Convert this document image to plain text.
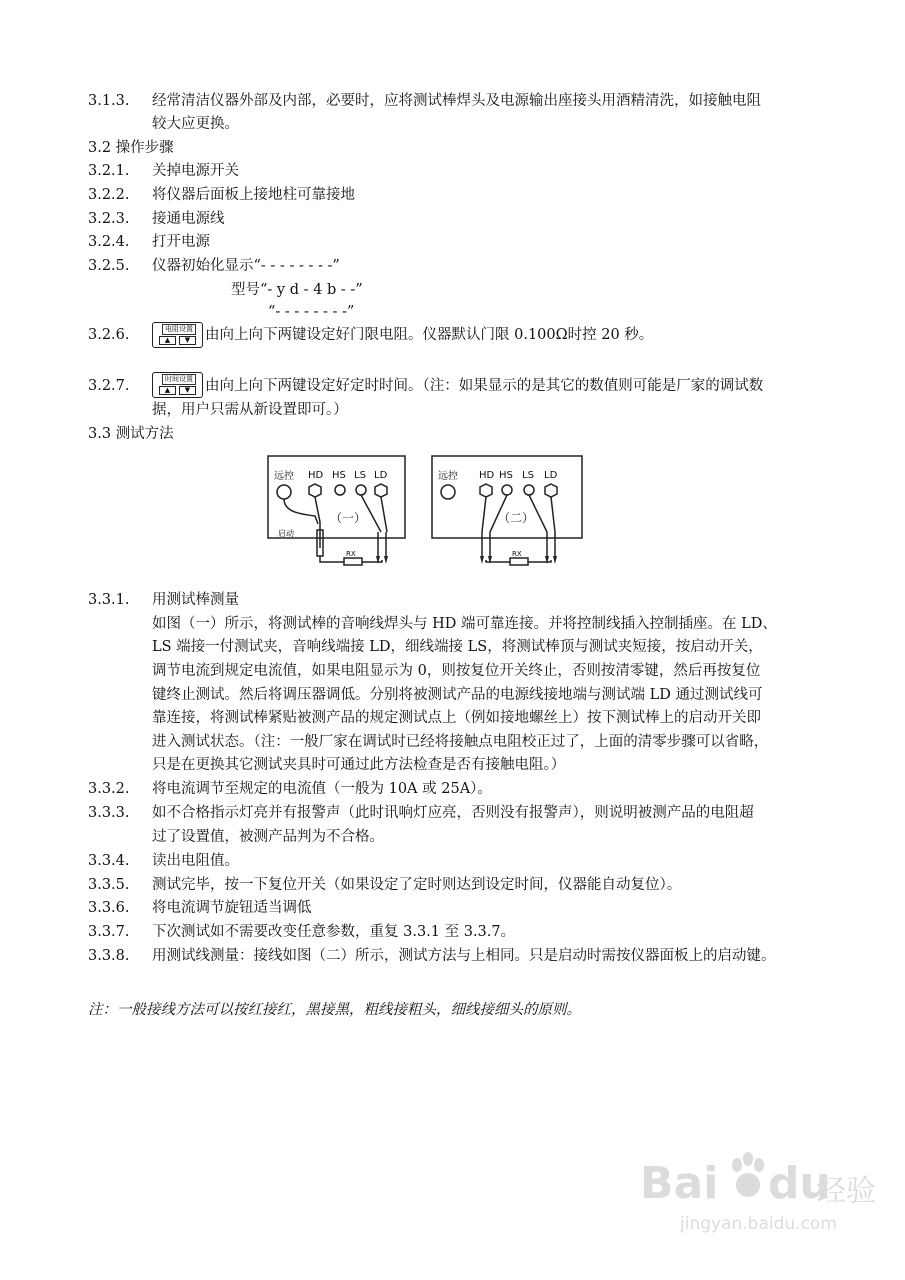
3.1.3. 经常清洁仪器外部及内部，必要时，应将测试棒焊头及电源输出座接头用酒精清洗，如接触电阻
较大应更换。
3.2 操作步骤
3.2.1. 关掉电源开关
3.2.2. 将仪器后面板上接地柱可靠接地
3.2.3. 接通电源线
3.2.4. 打开电源
3.2.5. 仪器初始化显示“- - - - - - - -”
型号“- y d - 4 b - -”
“- - - - - - - -”
3.2.6.	电阻设置
▲	▼	由向上向下两键设定好门限电阻。仪器默认门限 0.100Ω时控 20 秒。
3.2.7.	时间设置
▲	▼	由向上向下两键设定好定时时间。（注：如果显示的是其它的数值则可能是厂家的调试数
据，用户只需从新设置即可。）
3.3 测试方法
远控 HD HS LS LD
（一）
启动
RX
远控 HD HS LS LD
（二）
RX
3.3.1. 用测试棒测量
如图（一）所示，将测试棒的音响线焊头与 HD 端可靠连接。并将控制线插入控制插座。在 LD、
LS 端接一付测试夹，音响线端接 LD，细线端接 LS，将测试棒顶与测试夹短接，按启动开关，
调节电流到规定电流值，如果电阻显示为 0，则按复位开关终止，否则按清零键，然后再按复位
键终止测试。然后将调压器调低。分别将被测试产品的电源线接地端与测试端 LD 通过测试线可
靠连接，将测试棒紧贴被测产品的规定测试点上（例如接地螺丝上）按下测试棒上的启动开关即
进入测试状态。（注：一般厂家在调试时已经将接触点电阻校正过了，上面的清零步骤可以省略，
只是在更换其它测试夹具时可通过此方法检查是否有接触电阻。）
3.3.2. 将电流调节至规定的电流值（一般为 10A 或 25A）。
3.3.3. 如不合格指示灯亮并有报警声（此时讯响灯应亮，否则没有报警声），则说明被测产品的电阻超
过了设置值，被测产品判为不合格。
3.3.4. 读出电阻值。
3.3.5. 测试完毕，按一下复位开关（如果设定了定时则达到设定时间，仪器能自动复位）。
3.3.6. 将电流调节旋钮适当调低
3.3.7. 下次测试如不需要改变任意参数，重复 3.3.1 至 3.3.7。
3.3.8. 用测试线测量：接线如图（二）所示，测试方法与上相同。只是启动时需按仪器面板上的启动键。
注：一般接线方法可以按红接红，黑接黑，粗线接粗头，细线接细头的原则。
Bai du
经验
jingyan.baidu.com
